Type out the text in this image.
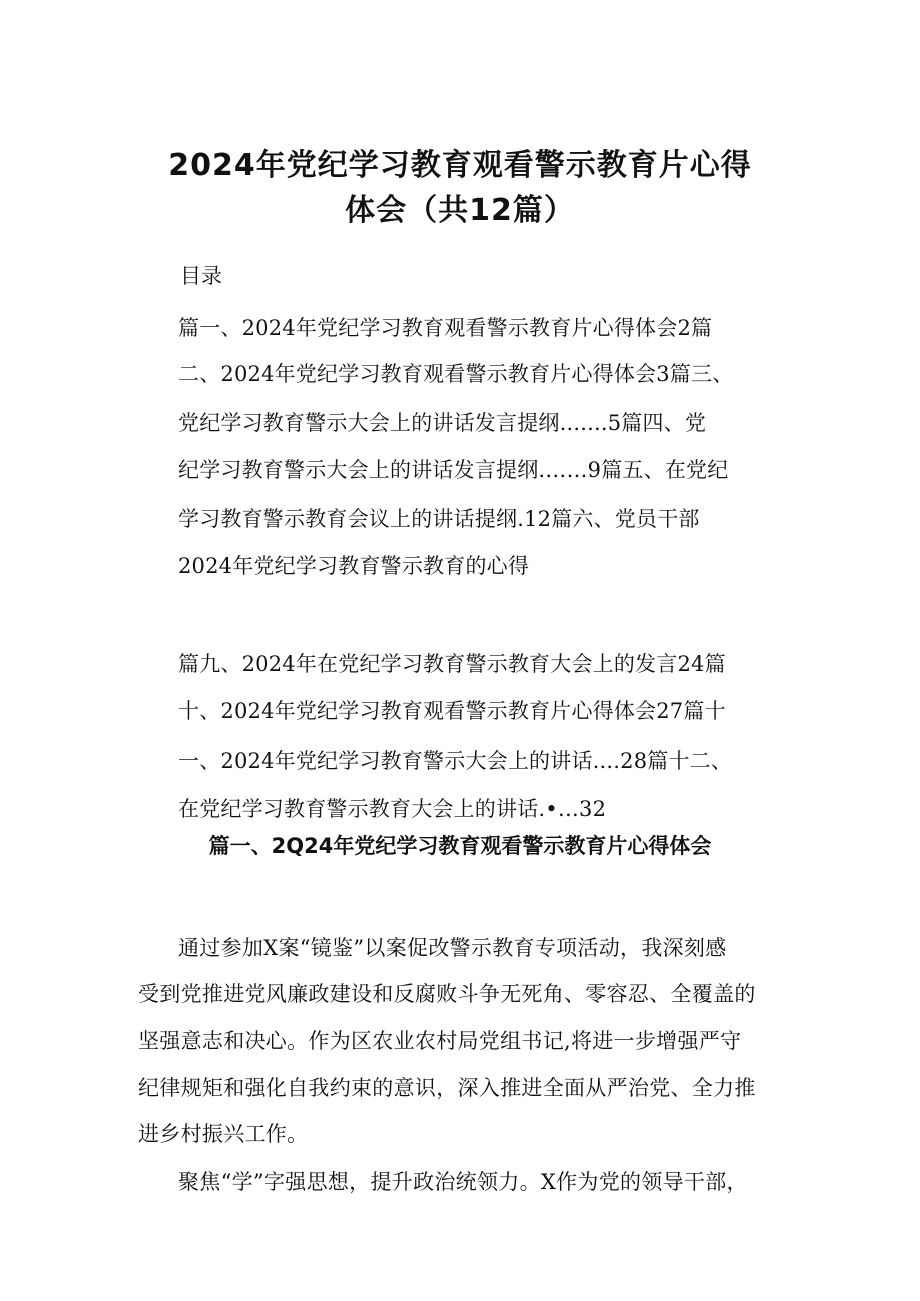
2024年党纪学习教育观看警示教育片心得
体会（共12篇）

目录

篇一、2024年党纪学习教育观看警示教育片心得体会2篇
二、2024年党纪学习教育观看警示教育片心得体会3篇三、
党纪学习教育警示大会上的讲话发言提纲.......5篇四、党
纪学习教育警示大会上的讲话发言提纲.……9篇五、在党纪
学习教育警示教育会议上的讲话提纲.12篇六、党员干部
2024年党纪学习教育警示教育的心得
篇九、2024年在党纪学习教育警示教育大会上的发言24篇
十、2024年党纪学习教育观看警示教育片心得体会27篇十
一、2024年党纪学习教育警示大会上的讲话....28篇十二、
在党纪学习教育警示教育大会上的讲话.•…32
篇一、2Q24年党纪学习教育观看警示教育片心得体会
通过参加X案“镜鉴”以案促改警示教育专项活动，我深刻感
受到党推进党风廉政建设和反腐败斗争无死角、零容忍、全覆盖的
坚强意志和决心。作为区农业农村局党组书记,将进一步增强严守
纪律规矩和强化自我约束的意识，深入推进全面从严治党、全力推
进乡村振兴工作。
聚焦“学”字强思想，提升政治统领力。X作为党的领导干部，
